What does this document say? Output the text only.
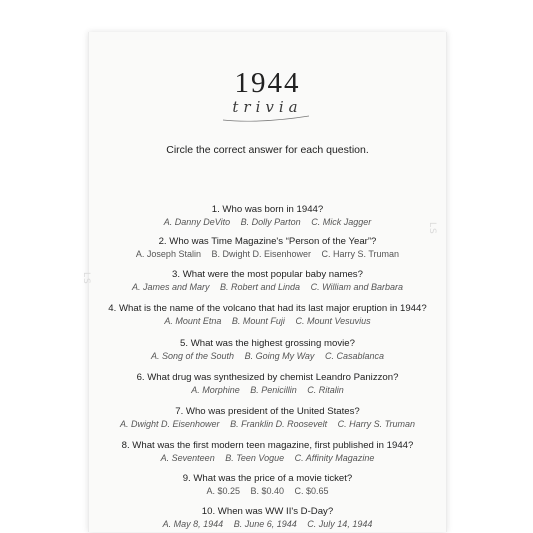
LS
LS
1944
trivia
Circle the correct answer for each question.
1. Who was born in 1944?
A. Danny DeVito B. Dolly Parton C. Mick Jagger
2. Who was Time Magazine's “Person of the Year”?
A. Joseph Stalin B. Dwight D. Eisenhower C. Harry S. Truman
3. What were the most popular baby names?
A. James and Mary B. Robert and Linda C. William and Barbara
4. What is the name of the volcano that had its last major eruption in 1944?
A. Mount Etna B. Mount Fuji C. Mount Vesuvius
5. What was the highest grossing movie?
A. Song of the South B. Going My Way C. Casablanca
6. What drug was synthesized by chemist Leandro Panizzon?
A. Morphine B. Penicillin C. Ritalin
7. Who was president of the United States?
A. Dwight D. Eisenhower B. Franklin D. Roosevelt C. Harry S. Truman
8. What was the first modern teen magazine, first published in 1944?
A. Seventeen B. Teen Vogue C. Affinity Magazine
9. What was the price of a movie ticket?
A. $0.25 B. $0.40 C. $0.65
10. When was WW II's D-Day?
A. May 8, 1944 B. June 6, 1944 C. July 14, 1944
